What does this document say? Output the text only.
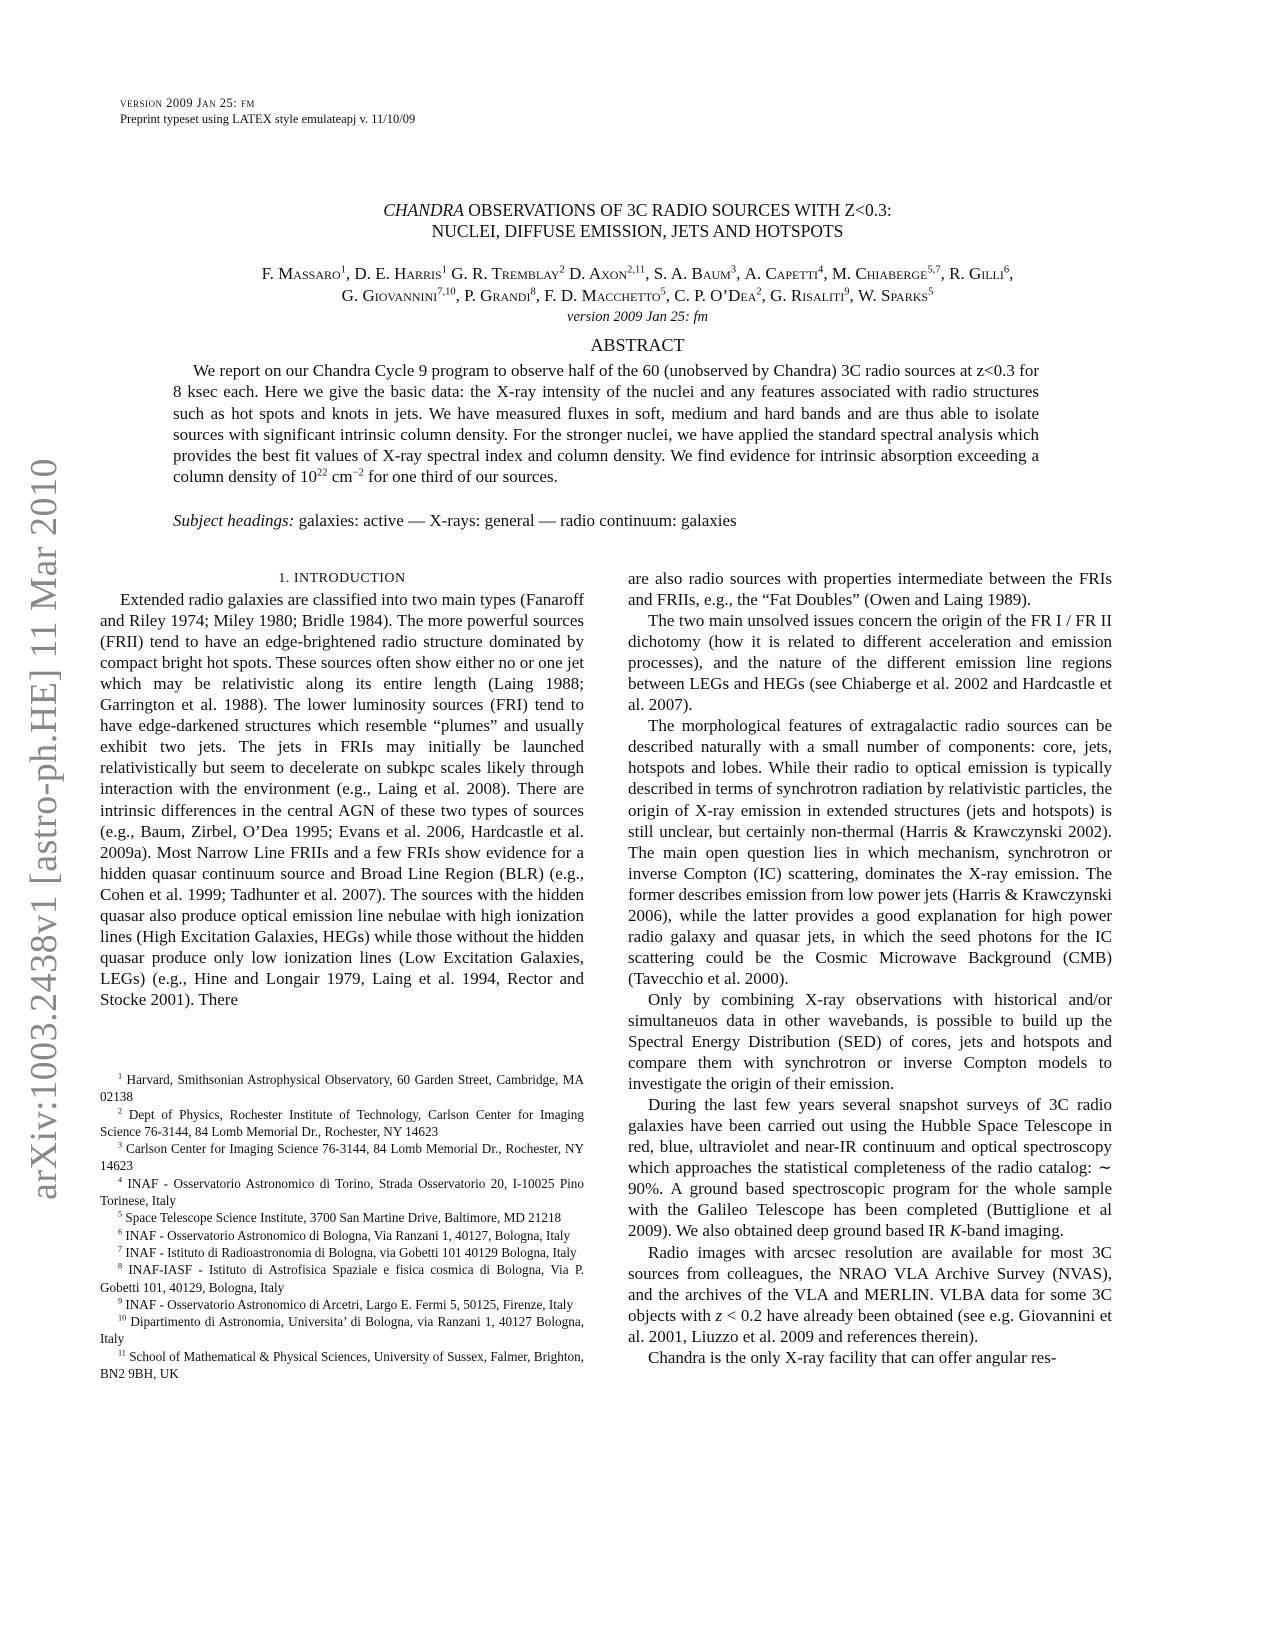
arXiv:1003.2438v1 [astro-ph.HE] 11 Mar 2010
version 2009 Jan 25: fm
Preprint typeset using LATEX style emulateapj v. 11/10/09
CHANDRA OBSERVATIONS OF 3C RADIO SOURCES WITH Z<0.3:
NUCLEI, DIFFUSE EMISSION, JETS AND HOTSPOTS
F. Massaro$^1$, D. E. Harris$^1$ G. R. Tremblay$^2$ D. Axon$^{2,11}$, S. A. Baum$^3$, A. Capetti$^4$, M. Chiaberge$^{5,7}$, R. Gilli$^6$,
G. Giovannini$^{7,10}$, P. Grandi$^8$, F. D. Macchetto$^5$, C. P. O’Dea$^2$, G. Risaliti$^9$, W. Sparks$^5$
version 2009 Jan 25: fm
ABSTRACT

We report on our Chandra Cycle 9 program to observe half of the 60 (unobserved by Chandra) 3C radio sources at z<0.3 for 8 ksec each. Here we give the basic data: the X-ray intensity of the nuclei and any features associated with radio structures such as hot spots and knots in jets. We have measured fluxes in soft, medium and hard bands and are thus able to isolate sources with significant intrinsic column density. For the stronger nuclei, we have applied the standard spectral analysis which provides the best fit values of X-ray spectral index and column density. We find evidence for intrinsic absorption exceeding a column density of $10^{22}$ $cm^{-2}$ for one third of our sources.

Subject headings: galaxies: active — X-rays: general — radio continuum: galaxies

1. INTRODUCTION

Extended radio galaxies are classified into two main types (Fanaroff and Riley 1974; Miley 1980; Bridle 1984). The more powerful sources (FRII) tend to have an edge-brightened radio structure dominated by compact bright hot spots. These sources often show either no or one jet which may be relativistic along its entire length (Laing 1988; Garrington et al. 1988). The lower luminosity sources (FRI) tend to have edge-darkened structures which resemble “plumes” and usually exhibit two jets. The jets in FRIs may initially be launched relativistically but seem to decelerate on subkpc scales likely through interaction with the environment (e.g., Laing et al. 2008). There are intrinsic differences in the central AGN of these two types of sources (e.g., Baum, Zirbel, O’Dea 1995; Evans et al. 2006, Hardcastle et al. 2009a). Most Narrow Line FRIIs and a few FRIs show evidence for a hidden quasar continuum source and Broad Line Region (BLR) (e.g., Cohen et al. 1999; Tadhunter et al. 2007). The sources with the hidden quasar also produce optical emission line nebulae with high ionization lines (High Excitation Galaxies, HEGs) while those without the hidden quasar produce only low ionization lines (Low Excitation Galaxies, LEGs) (e.g., Hine and Longair 1979, Laing et al. 1994, Rector and Stocke 2001). There

$^1$ Harvard, Smithsonian Astrophysical Observatory, 60 Garden Street, Cambridge, MA 02138

$^2$ Dept of Physics, Rochester Institute of Technology, Carlson Center for Imaging Science 76-3144, 84 Lomb Memorial Dr., Rochester, NY 14623

$^3$ Carlson Center for Imaging Science 76-3144, 84 Lomb Memorial Dr., Rochester, NY 14623

$^4$ INAF - Osservatorio Astronomico di Torino, Strada Osservatorio 20, I-10025 Pino Torinese, Italy

$^5$ Space Telescope Science Institute, 3700 San Martine Drive, Baltimore, MD 21218

$^6$ INAF - Osservatorio Astronomico di Bologna, Via Ranzani 1, 40127, Bologna, Italy

$^7$ INAF - Istituto di Radioastronomia di Bologna, via Gobetti 101 40129 Bologna, Italy

$^8$ INAF-IASF - Istituto di Astrofisica Spaziale e fisica cosmica di Bologna, Via P. Gobetti 101, 40129, Bologna, Italy

$^9$ INAF - Osservatorio Astronomico di Arcetri, Largo E. Fermi 5, 50125, Firenze, Italy

$^{10}$ Dipartimento di Astronomia, Universita’ di Bologna, via Ranzani 1, 40127 Bologna, Italy

$^{11}$ School of Mathematical & Physical Sciences, University of Sussex, Falmer, Brighton, BN2 9BH, UK

are also radio sources with properties intermediate between the FRIs and FRIIs, e.g., the “Fat Doubles” (Owen and Laing 1989).

The two main unsolved issues concern the origin of the FR I / FR II dichotomy (how it is related to different acceleration and emission processes), and the nature of the different emission line regions between LEGs and HEGs (see Chiaberge et al. 2002 and Hardcastle et al. 2007).

The morphological features of extragalactic radio sources can be described naturally with a small number of components: core, jets, hotspots and lobes. While their radio to optical emission is typically described in terms of synchrotron radiation by relativistic particles, the origin of X-ray emission in extended structures (jets and hotspots) is still unclear, but certainly non-thermal (Harris & Krawczynski 2002). The main open question lies in which mechanism, synchrotron or inverse Compton (IC) scattering, dominates the X-ray emission. The former describes emission from low power jets (Harris & Krawczynski 2006), while the latter provides a good explanation for high power radio galaxy and quasar jets, in which the seed photons for the IC scattering could be the Cosmic Microwave Background (CMB) (Tavecchio et al. 2000).

Only by combining X-ray observations with historical and/or simultaneuos data in other wavebands, is possible to build up the Spectral Energy Distribution (SED) of cores, jets and hotspots and compare them with synchrotron or inverse Compton models to investigate the origin of their emission.

During the last few years several snapshot surveys of 3C radio galaxies have been carried out using the Hubble Space Telescope in red, blue, ultraviolet and near-IR continuum and optical spectroscopy which approaches the statistical completeness of the radio catalog: ∼ 90%. A ground based spectroscopic program for the whole sample with the Galileo Telescope has been completed (Buttiglione et al 2009). We also obtained deep ground based IR K-band imaging.

Radio images with arcsec resolution are available for most 3C sources from colleagues, the NRAO VLA Archive Survey (NVAS), and the archives of the VLA and MERLIN. VLBA data for some 3C objects with z < 0.2 have already been obtained (see e.g. Giovannini et al. 2001, Liuzzo et al. 2009 and references therein).

Chandra is the only X-ray facility that can offer angular res-
